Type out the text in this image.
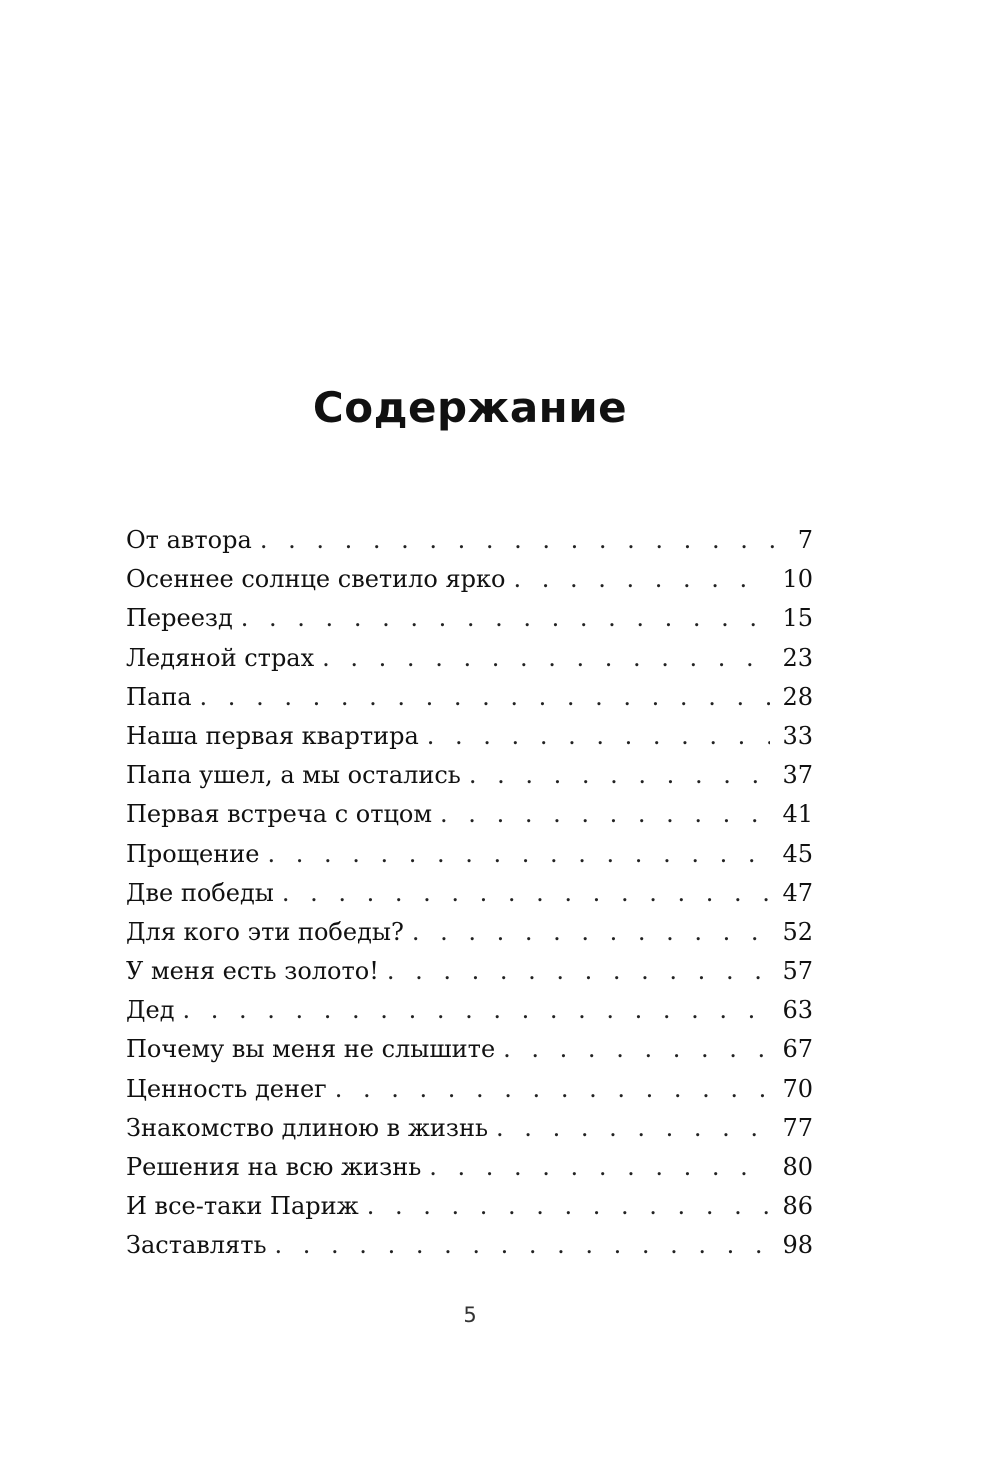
Содержание
От автора . . .	7
Осеннее солнце светило ярко . . .	10
Переезд . . .	15
Ледяной страх . . .	23
Папа . . .	28
Наша первая квартира . . .	33
Папа ушел, а мы остались . . .	37
Первая встреча с отцом . . .	41
Прощение . . .	45
Две победы . . .	47
Для кого эти победы? . . .	52
У меня есть золото! . . .	57
Дед . . .	63
Почему вы меня не слышите . . .	67
Ценность денег . . .	70
Знакомство длиною в жизнь . . .	77
Решения на всю жизнь . . .	80
И все-таки Париж . . .	86
Заставлять . . .	98
5
